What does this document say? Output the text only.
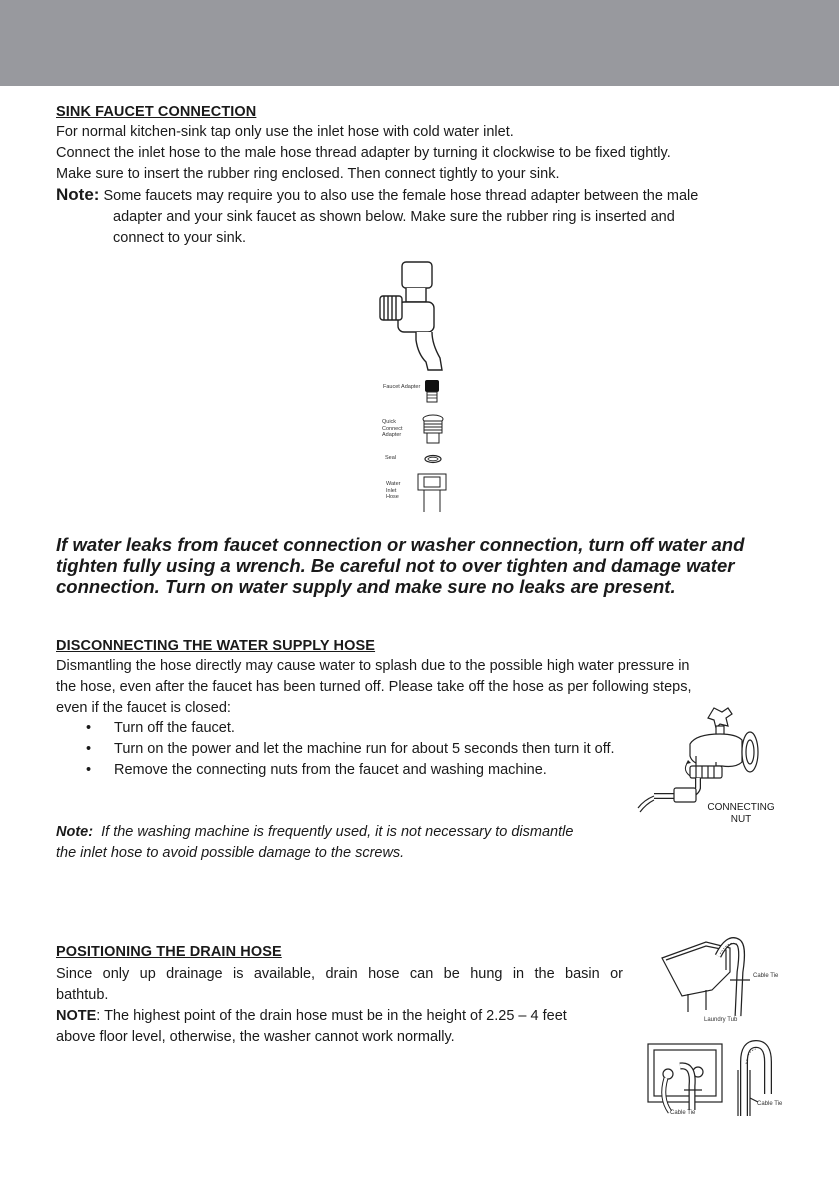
SINK FAUCET CONNECTION
For normal kitchen-sink tap only use the inlet hose with cold water inlet.
Connect the inlet hose to the male hose thread adapter by turning it clockwise to be fixed tightly.
Make sure to insert the rubber ring enclosed. Then connect tightly to your sink.
Note: Some faucets may require you to also use the female hose thread adapter between the male
adapter and your sink faucet as shown below. Make sure the rubber ring is inserted and
connect to your sink.
Faucet Adapter
Quick Connect Adapter
Seal
Water Inlet Hose
If water leaks from faucet connection or washer connection, turn off water and
tighten fully using a wrench. Be careful not to over tighten and damage water
connection. Turn on water supply and make sure no leaks are present.
DISCONNECTING THE WATER SUPPLY HOSE
Dismantling the hose directly may cause water to splash due to the possible high water pressure in
the hose, even after the faucet has been turned off. Please take off the hose as per following steps,
even if the faucet is closed:
• Turn off the faucet.
• Turn on the power and let the machine run for about 5 seconds then turn it off.
• Remove the connecting nuts from the faucet and washing machine.
Note: If the washing machine is frequently used, it is not necessary to dismantle
the inlet hose to avoid possible damage to the screws.
CONNECTING
NUT
POSITIONING THE DRAIN HOSE
Since only up drainage is available, drain hose can be hung in the basin or
bathtub.
NOTE: The highest point of the drain hose must be in the height of 2.25 – 4 feet
above floor level, otherwise, the washer cannot work normally.
Cable Tie
Laundry Tub
Cable Tie
Cable Tie
